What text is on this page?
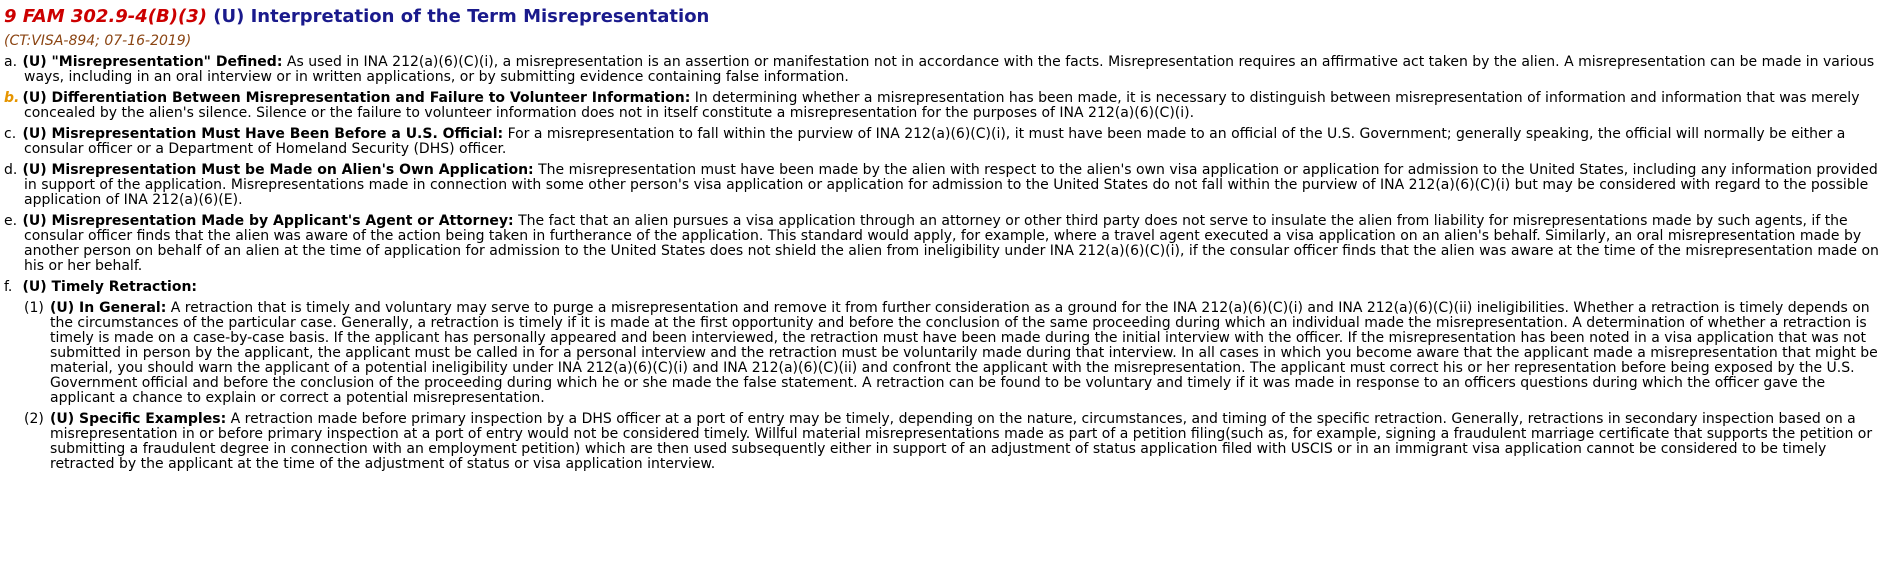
9 FAM 302.9-4(B)(3) (U) Interpretation of the Term Misrepresentation
(CT:VISA-894; 07-16-2019)
a. (U) "Misrepresentation" Defined: As used in INA 212(a)(6)(C)(i), a misrepresentation is an assertion or manifestation not in accordance with the facts. Misrepresentation requires an affirmative act taken by the alien. A misrepresentation can be made in various ways, including in an oral interview or in written applications, or by submitting evidence containing false information.
b. (U) Differentiation Between Misrepresentation and Failure to Volunteer Information: In determining whether a misrepresentation has been made, it is necessary to distinguish between misrepresentation of information and information that was merely concealed by the alien's silence. Silence or the failure to volunteer information does not in itself constitute a misrepresentation for the purposes of INA 212(a)(6)(C)(i).
c. (U) Misrepresentation Must Have Been Before a U.S. Official: For a misrepresentation to fall within the purview of INA 212(a)(6)(C)(i), it must have been made to an official of the U.S. Government; generally speaking, the official will normally be either a consular officer or a Department of Homeland Security (DHS) officer.
d. (U) Misrepresentation Must be Made on Alien's Own Application: The misrepresentation must have been made by the alien with respect to the alien's own visa application or application for admission to the United States, including any information provided in support of the application. Misrepresentations made in connection with some other person's visa application or application for admission to the United States do not fall within the purview of INA 212(a)(6)(C)(i) but may be considered with regard to the possible application of INA 212(a)(6)(E).
e. (U) Misrepresentation Made by Applicant's Agent or Attorney: The fact that an alien pursues a visa application through an attorney or other third party does not serve to insulate the alien from liability for misrepresentations made by such agents, if the consular officer finds that the alien was aware of the action being taken in furtherance of the application. This standard would apply, for example, where a travel agent executed a visa application on an alien's behalf. Similarly, an oral misrepresentation made by another person on behalf of an alien at the time of application for admission to the United States does not shield the alien from ineligibility under INA 212(a)(6)(C)(i), if the consular officer finds that the alien was aware at the time of the misrepresentation made on his or her behalf.
f. (U) Timely Retraction:
(1) (U) In General: A retraction that is timely and voluntary may serve to purge a misrepresentation and remove it from further consideration as a ground for the INA 212(a)(6)(C)(i) and INA 212(a)(6)(C)(ii) ineligibilities. Whether a retraction is timely depends on the circumstances of the particular case. Generally, a retraction is timely if it is made at the first opportunity and before the conclusion of the same proceeding during which an individual made the misrepresentation. A determination of whether a retraction is timely is made on a case-by-case basis. If the applicant has personally appeared and been interviewed, the retraction must have been made during the initial interview with the officer. If the misrepresentation has been noted in a visa application that was not submitted in person by the applicant, the applicant must be called in for a personal interview and the retraction must be voluntarily made during that interview. In all cases in which you become aware that the applicant made a misrepresentation that might be material, you should warn the applicant of a potential ineligibility under INA 212(a)(6)(C)(i) and INA 212(a)(6)(C)(ii) and confront the applicant with the misrepresentation. The applicant must correct his or her representation before being exposed by the U.S. Government official and before the conclusion of the proceeding during which he or she made the false statement. A retraction can be found to be voluntary and timely if it was made in response to an officers questions during which the officer gave the applicant a chance to explain or correct a potential misrepresentation.
(2) (U) Specific Examples: A retraction made before primary inspection by a DHS officer at a port of entry may be timely, depending on the nature, circumstances, and timing of the specific retraction. Generally, retractions in secondary inspection based on a misrepresentation in or before primary inspection at a port of entry would not be considered timely. Willful material misrepresentations made as part of a petition filing(such as, for example, signing a fraudulent marriage certificate that supports the petition or submitting a fraudulent degree in connection with an employment petition) which are then used subsequently either in support of an adjustment of status application filed with USCIS or in an immigrant visa application cannot be considered to be timely retracted by the applicant at the time of the adjustment of status or visa application interview.
